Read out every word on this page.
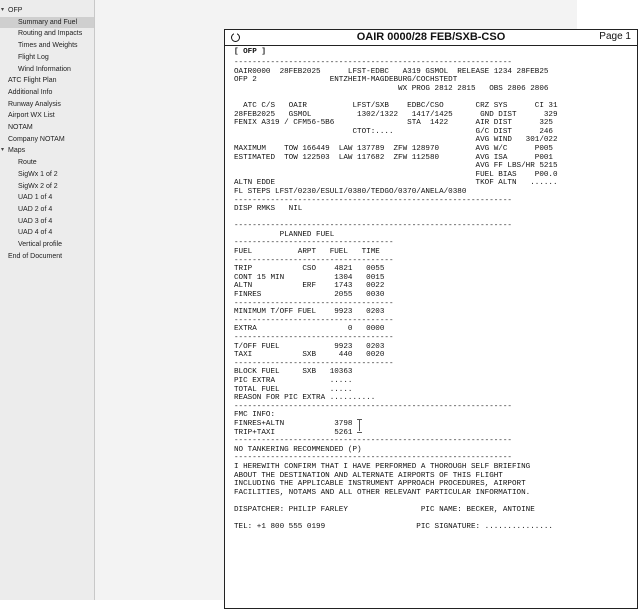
▾ OFP
Summary and Fuel
Routing and Impacts
Times and Weights
Flight Log
Wind Information
ATC Flight Plan
Additional Info
Runway Analysis
Airport WX List
NOTAM
Company NOTAM
▾ Maps
Route
SigWx 1 of 2
SigWx 2 of 2
UAD 1 of 4
UAD 2 of 4
UAD 3 of 4
UAD 4 of 4
Vertical profile
End of Document
OAIR 0000/28 FEB/SXB-CSO	Page 1
[ OFP ]
-------------------------------------------------------------
OAIR0000  28FEB2025      LFST-EDBC   A319 GSMOL  RELEASE 1234 28FEB25
OFP 2                ENTZHEIM-MAGDEBURG/COCHSTEDT
WX PROG 2812 2815   OBS 2806 2806

ATC C/S   OAIR          LFST/SXB    EDBC/CSO       CRZ SYS      CI 31
28FEB2025   GSMOL          1302/1322   1417/1425      GND DIST      329
FENIX A319 / CFM56-5B6                STA  1422      AIR DIST      325
CTOT:....                  G/C DIST      246
AVG WIND   301/022
MAXIMUM    TOW 166449  LAW 137789  ZFW 128970        AVG W/C      P005
ESTIMATED  TOW 122503  LAW 117682  ZFW 112580        AVG ISA      P001
AVG FF LBS/HR 5215
FUEL BIAS    P00.0
ALTN EDDE                                            TKOF ALTN   ......
FL STEPS LFST/0230/ESULI/0380/TEDGO/0370/ANELA/0380
-------------------------------------------------------------
DISP RMKS   NIL

-------------------------------------------------------------
PLANNED FUEL
-----------------------------------
FUEL          ARPT   FUEL   TIME
-----------------------------------
TRIP           CSO    4821   0055
CONT 15 MIN           1304   0015
ALTN           ERF    1743   0022
FINRES                2055   0030
-----------------------------------
MINIMUM T/OFF FUEL    9923   0203
-----------------------------------
EXTRA                    0   0000
-----------------------------------
T/OFF FUEL            9923   0203
TAXI           SXB     440   0020
-----------------------------------
BLOCK FUEL     SXB   10363
PIC EXTRA            .....
TOTAL FUEL           .....
REASON FOR PIC EXTRA ..........
-------------------------------------------------------------
FMC INFO:
FINRES+ALTN           3798
TRIP+TAXI             5261
-------------------------------------------------------------
NO TANKERING RECOMMENDED (P)
-------------------------------------------------------------
I HEREWITH CONFIRM THAT I HAVE PERFORMED A THOROUGH SELF BRIEFING
ABOUT THE DESTINATION AND ALTERNATE AIRPORTS OF THIS FLIGHT
INCLUDING THE APPLICABLE INSTRUMENT APPROACH PROCEDURES, AIRPORT
FACILITIES, NOTAMS AND ALL OTHER RELEVANT PARTICULAR INFORMATION.

DISPATCHER: PHILIP FARLEY                PIC NAME: BECKER, ANTOINE

TEL: +1 800 555 0199                    PIC SIGNATURE: ...............
